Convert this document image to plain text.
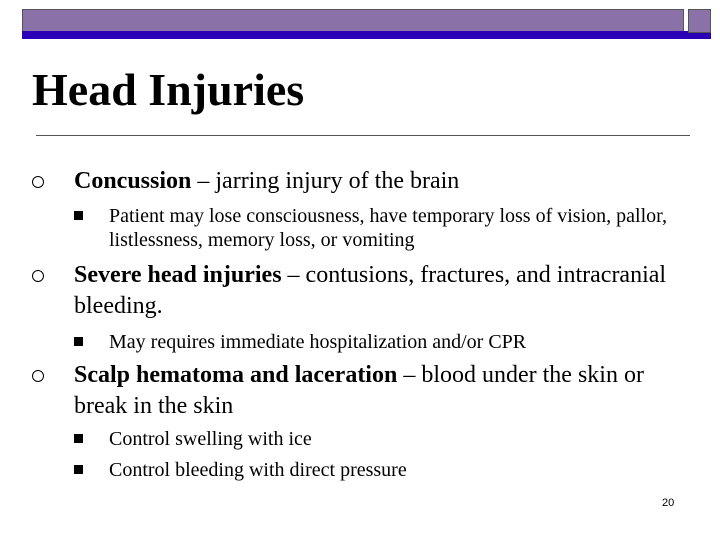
Head Injuries
Concussion – jarring injury of the brain
Patient may lose consciousness, have temporary loss of vision, pallor, listlessness, memory loss, or vomiting
Severe head injuries – contusions, fractures, and intracranial bleeding.
May requires immediate hospitalization and/or CPR
Scalp hematoma and laceration – blood under the skin or break in the skin
Control swelling with ice
Control bleeding with direct pressure
20
